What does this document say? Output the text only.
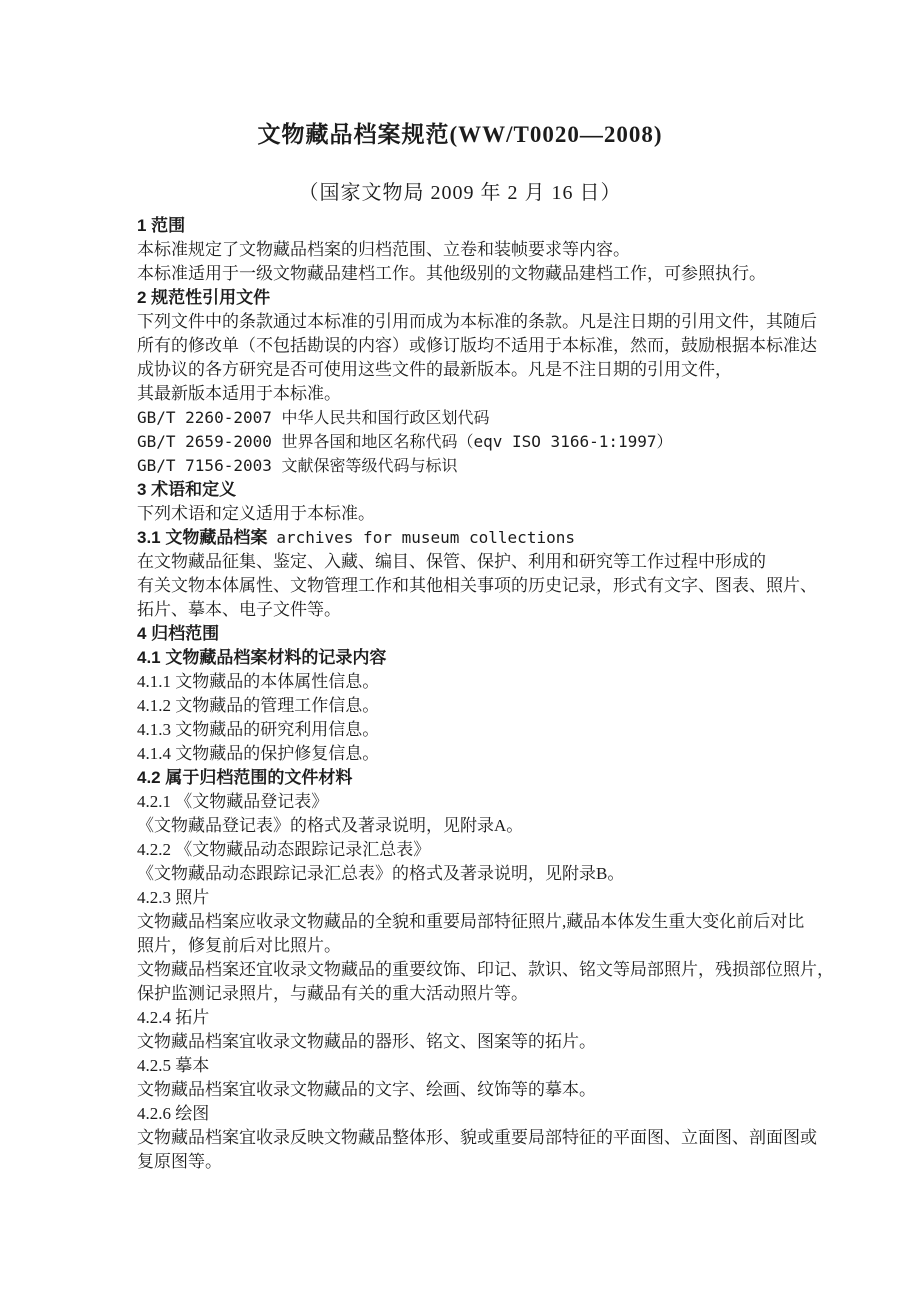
文物藏品档案规范(WW/T0020—2008)
（国家文物局 2009 年 2 月 16 日）
1 范围
本标准规定了文物藏品档案的归档范围、立卷和装帧要求等内容。
本标准适用于一级文物藏品建档工作。其他级别的文物藏品建档工作，可参照执行。
2 规范性引用文件
下列文件中的条款通过本标准的引用而成为本标准的条款。凡是注日期的引用文件，其随后
所有的修改单（不包括勘误的内容）或修订版均不适用于本标准，然而，鼓励根据本标准达
成协议的各方研究是否可使用这些文件的最新版本。凡是不注日期的引用文件，
其最新版本适用于本标准。
GB/T 2260-2007 中华人民共和国行政区划代码
GB/T 2659-2000 世界各国和地区名称代码（eqv ISO 3166-1:1997）
GB/T 7156-2003 文献保密等级代码与标识
3 术语和定义
下列术语和定义适用于本标准。
3.1 文物藏品档案 archives for museum collections
在文物藏品征集、鉴定、入藏、编目、保管、保护、利用和研究等工作过程中形成的
有关文物本体属性、文物管理工作和其他相关事项的历史记录，形式有文字、图表、照片、
拓片、摹本、电子文件等。
4 归档范围
4.1 文物藏品档案材料的记录内容
4.1.1 文物藏品的本体属性信息。
4.1.2 文物藏品的管理工作信息。
4.1.3 文物藏品的研究利用信息。
4.1.4 文物藏品的保护修复信息。
4.2 属于归档范围的文件材料
4.2.1 《文物藏品登记表》
《文物藏品登记表》的格式及著录说明，见附录A。
4.2.2 《文物藏品动态跟踪记录汇总表》
《文物藏品动态跟踪记录汇总表》的格式及著录说明，见附录B。
4.2.3 照片
文物藏品档案应收录文物藏品的全貌和重要局部特征照片,藏品本体发生重大变化前后对比
照片，修复前后对比照片。
文物藏品档案还宜收录文物藏品的重要纹饰、印记、款识、铭文等局部照片，残损部位照片，
保护监测记录照片，与藏品有关的重大活动照片等。
4.2.4 拓片
文物藏品档案宜收录文物藏品的器形、铭文、图案等的拓片。
4.2.5 摹本
文物藏品档案宜收录文物藏品的文字、绘画、纹饰等的摹本。
4.2.6 绘图
文物藏品档案宜收录反映文物藏品整体形、貌或重要局部特征的平面图、立面图、剖面图或
复原图等。
